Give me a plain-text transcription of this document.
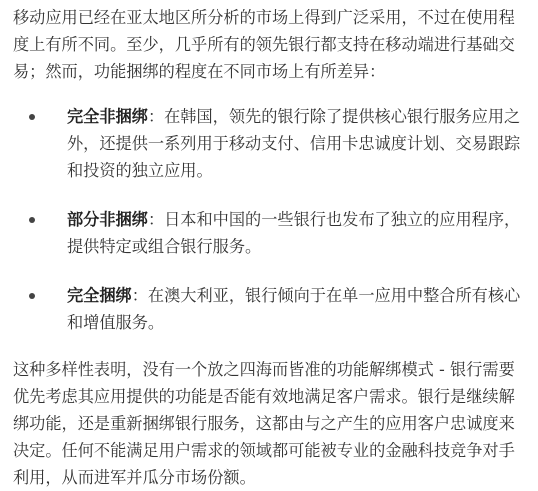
移动应用已经在亚太地区所分析的市场上得到广泛采用，不过在使用程度上有所不同。至少，几乎所有的领先银行都支持在移动端进行基础交易；然而，功能捆绑的程度在不同市场上有所差异：

完全非捆绑：在韩国，领先的银行除了提供核心银行服务应用之外，还提供一系列用于移动支付、信用卡忠诚度计划、交易跟踪和投资的独立应用。
部分非捆绑：日本和中国的一些银行也发布了独立的应用程序，提供特定或组合银行服务。
完全捆绑：在澳大利亚，银行倾向于在单一应用中整合所有核心和增值服务。

这种多样性表明，没有一个放之四海而皆准的功能解绑模式 - 银行需要优先考虑其应用提供的功能是否能有效地满足客户需求。银行是继续解绑功能，还是重新捆绑银行服务，这都由与之产生的应用客户忠诚度来决定。任何不能满足用户需求的领域都可能被专业的金融科技竞争对手利用，从而进军并瓜分市场份额。
